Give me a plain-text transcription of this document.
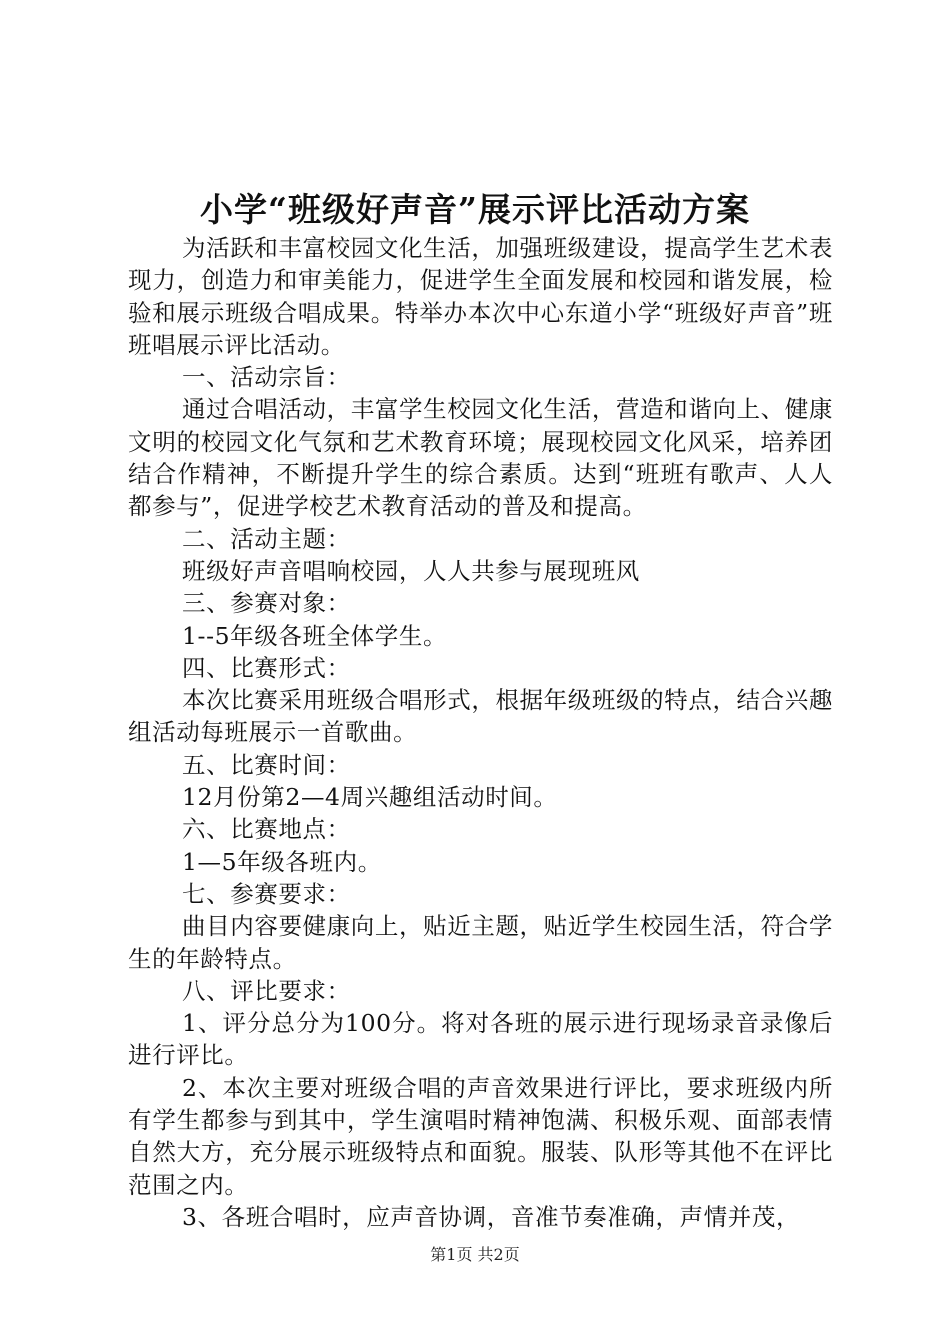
小学“班级好声音”展示评比活动方案

为活跃和丰富校园文化生活，加强班级建设，提高学生艺术表现力，创造力和审美能力，促进学生全面发展和校园和谐发展，检验和展示班级合唱成果。特举办本次中心东道小学“班级好声音”班班唱展示评比活动。

一、活动宗旨：

通过合唱活动，丰富学生校园文化生活，营造和谐向上、健康文明的校园文化气氛和艺术教育环境；展现校园文化风采，培养团结合作精神，不断提升学生的综合素质。达到“班班有歌声、人人都参与”，促进学校艺术教育活动的普及和提高。

二、活动主题：

班级好声音唱响校园，人人共参与展现班风

三、参赛对象：

1--5年级各班全体学生。

四、比赛形式：

本次比赛采用班级合唱形式，根据年级班级的特点，结合兴趣组活动每班展示一首歌曲。

五、比赛时间：

12月份第2—4周兴趣组活动时间。

六、比赛地点：

1—5年级各班内。

七、参赛要求：

曲目内容要健康向上，贴近主题，贴近学生校园生活，符合学生的年龄特点。

八、评比要求：

1、评分总分为100分。将对各班的展示进行现场录音录像后进行评比。

2、本次主要对班级合唱的声音效果进行评比，要求班级内所有学生都参与到其中，学生演唱时精神饱满、积极乐观、面部表情自然大方，充分展示班级特点和面貌。服装、队形等其他不在评比范围之内。

3、各班合唱时，应声音协调，音准节奏准确，声情并茂，

第1页 共2页
